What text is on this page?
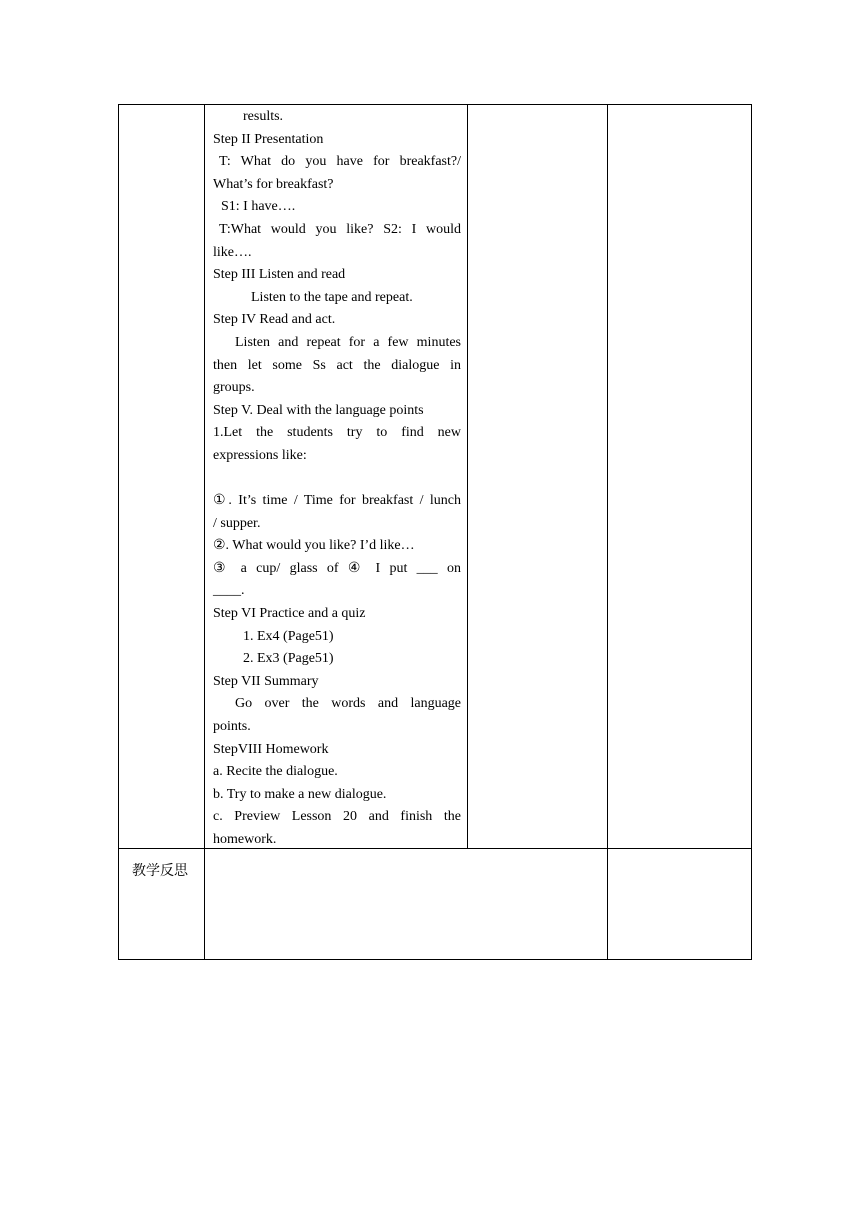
results.
Step II Presentation
T: What do you have for breakfast?/
What’s for breakfast?
S1: I have….
T:What would you like? S2: I would
like….
Step III Listen and read
Listen to the tape and repeat.
Step IV Read and act.
Listen and repeat for a few minutes
then let some Ss act the dialogue in
groups.
Step V. Deal with the language points
1.Let the students try to find new
expressions like:
①. It’s time / Time for breakfast / lunch
/ supper.
②. What would you like? I’d like…
③ a cup/ glass of ④ I put ___ on
____.
Step VI Practice and a quiz
1. Ex4 (Page51)
2. Ex3 (Page51)
Step VII Summary
Go over the words and language
points.
StepVIII Homework
a. Recite the dialogue.
b. Try to make a new dialogue.
c. Preview Lesson 20 and finish the
homework.
教学反思
